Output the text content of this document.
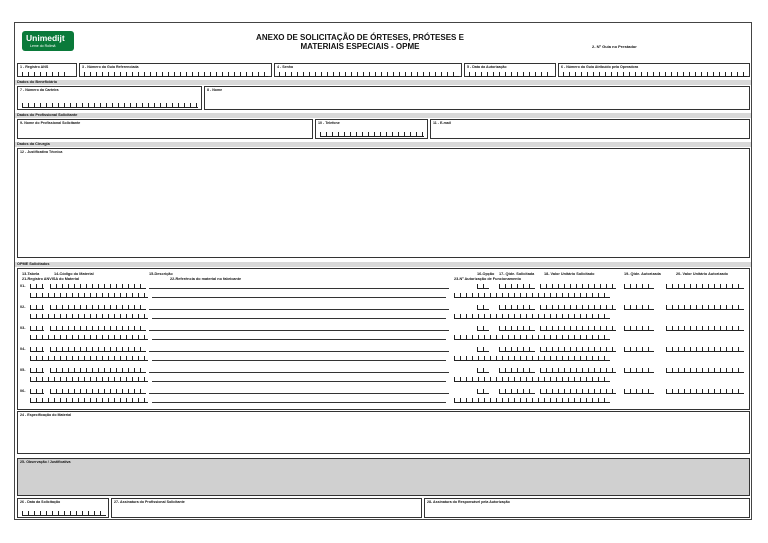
Unimedijt
Leme do Rolimã
ANEXO DE SOLICITAÇÃO DE ÓRTESES, PRÓTESES E
MATERIAIS ESPECIAIS - OPME	2- Nº Guia no Prestador
1 - Registro ANS	3 - Número da Guia Referenciada	4 - Senha	5 - Data da Autorização	6 - Número da Guia Atribuído pela Operadora
Dados do Beneficiário
7 - Número da Carteira	8 - Nome
Dados do Profissional Solicitante
9- Nome do Profissional Solicitante	10 - Telefone	11 - E-mail
Dados da Cirurgia
12 - Justificativa Técnica
OPME Solicitados
13-Tabela	14-Código do Material	15-Descrição	16-Opção 17- Qtde. Solicitada	18- Valor Unitário Solicitado	19- Qtde. Autorizada	20- Valor Unitário Autorizado
21-Registro ANVISA do Material	22-Referência do material no fabricante	23-Nº Autorização de Funcionamento
01-
02-
03-
04-
05-
06-
24 - Especificação do Material
25- Observação / Justificativa
26 - Data da Solicitação	27- Assinatura do Profissional Solicitante	28- Assinatura do Responsável pela Autorização
